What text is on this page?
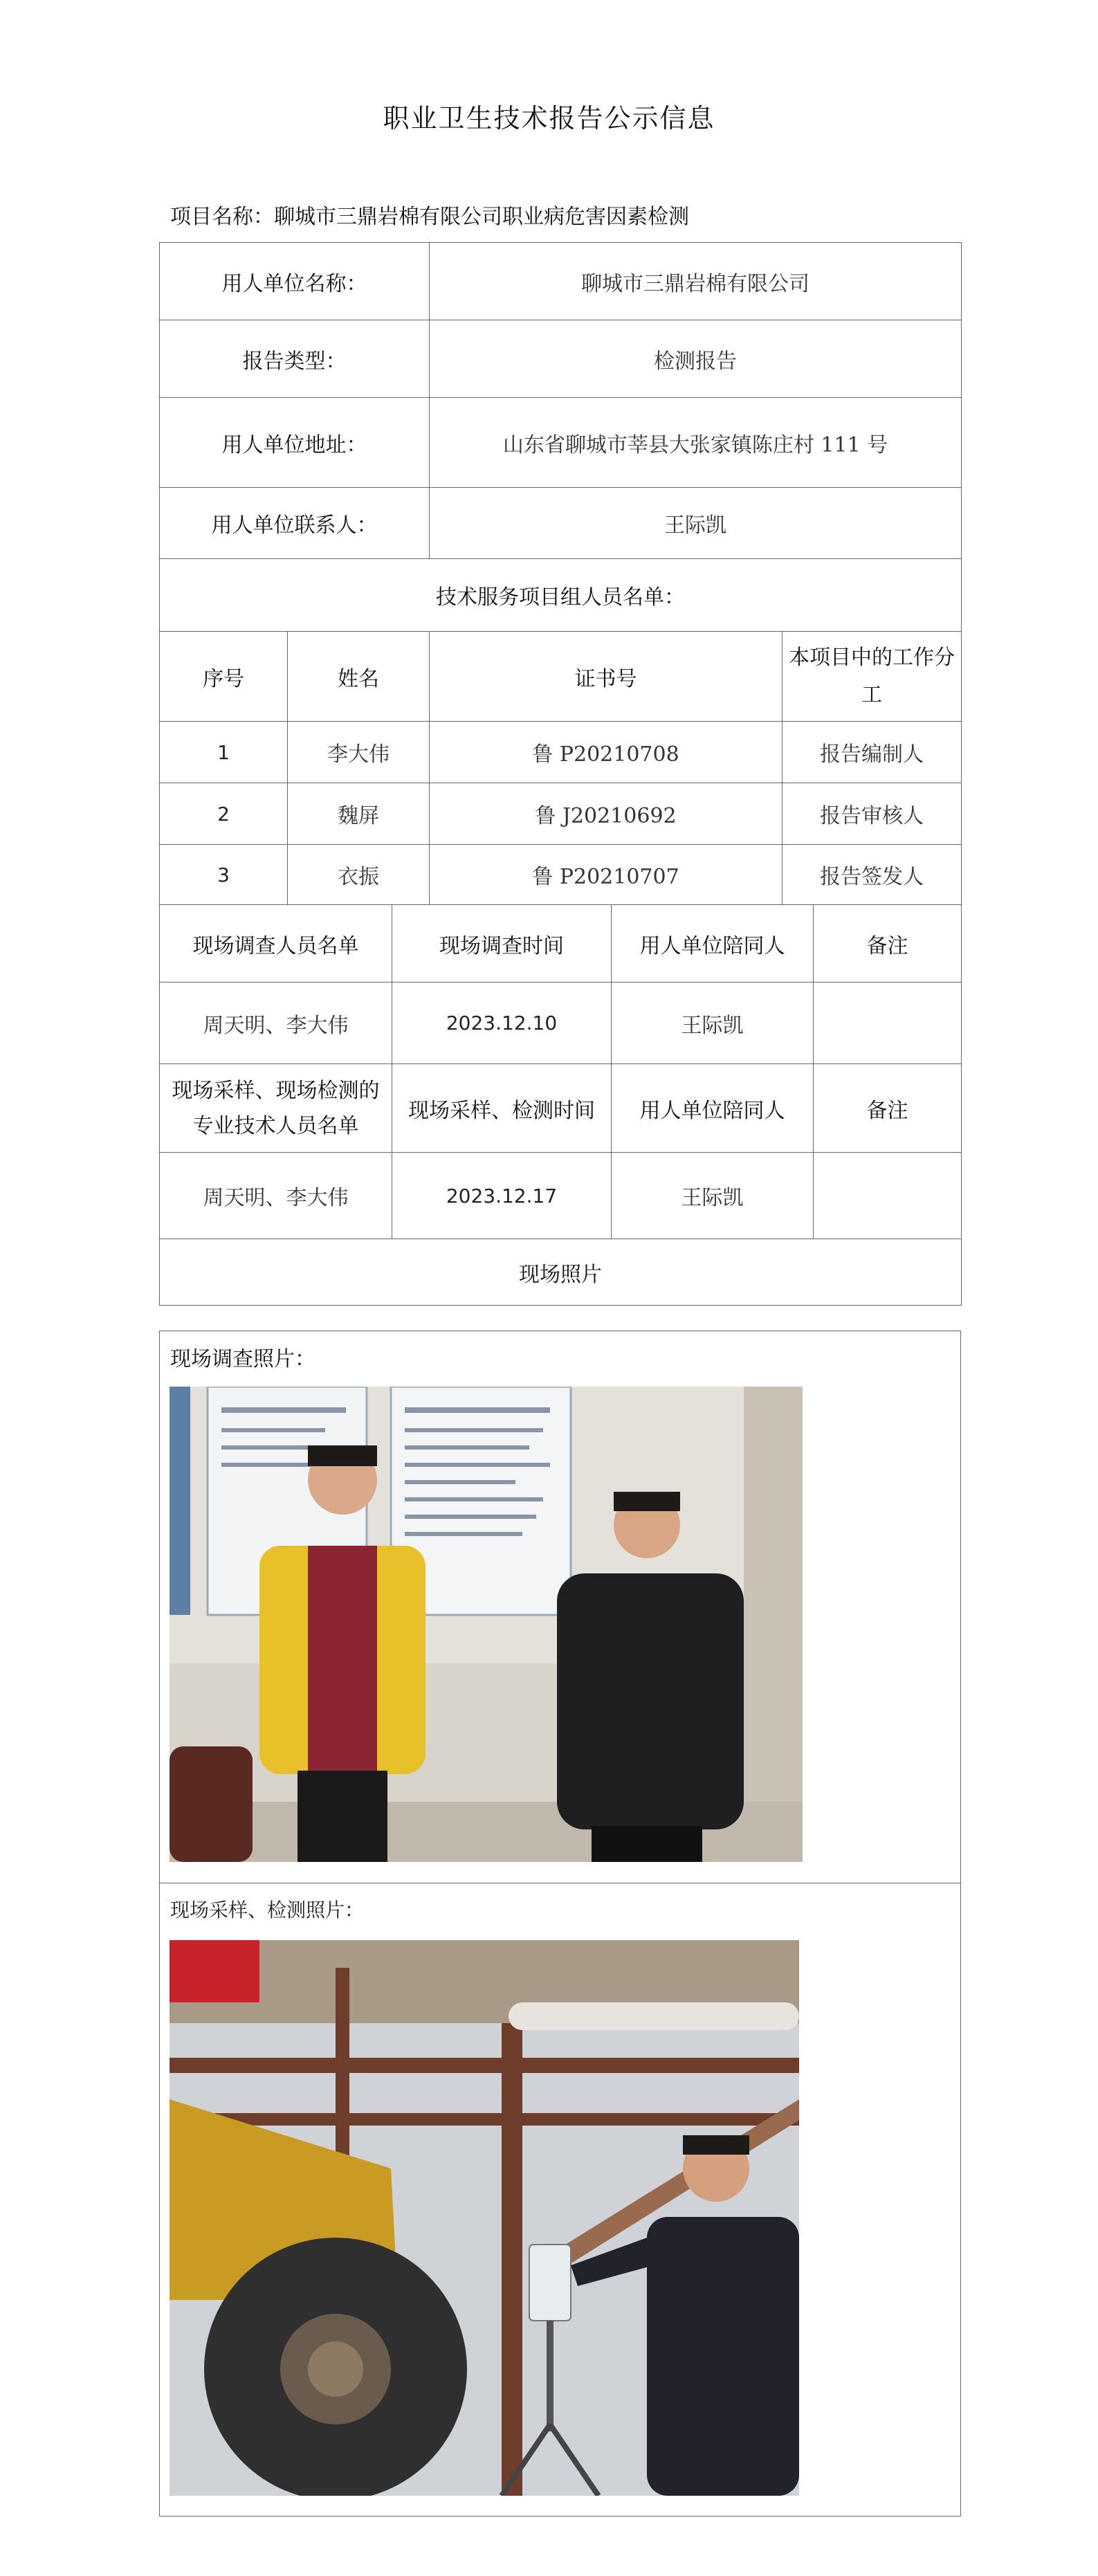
职业卫生技术报告公示信息
项目名称：聊城市三鼎岩棉有限公司职业病危害因素检测
用人单位名称：		聊城市三鼎岩棉有限公司	
报告类型：		检测报告	
用人单位地址：		山东省聊城市莘县大张家镇陈庄村 111 号	
用人单位联系人：		王际凯	
技术服务项目组人员名单：			
序号	姓名	证书号	本项目中的工作分工
1	李大伟	鲁 P20210708	报告编制人
2	魏屏	鲁 J20210692	报告审核人
3	衣振	鲁 P20210707	报告签发人
现场调查人员名单	现场调查时间	用人单位陪同人	备注
周天明、李大伟	2023.12.10	王际凯	
现场采样、现场检测的专业技术人员名单	现场采样、检测时间	用人单位陪同人	备注
周天明、李大伟	2023.12.17	王际凯	
现场照片			
现场调查照片：
现场采样、检测照片：
